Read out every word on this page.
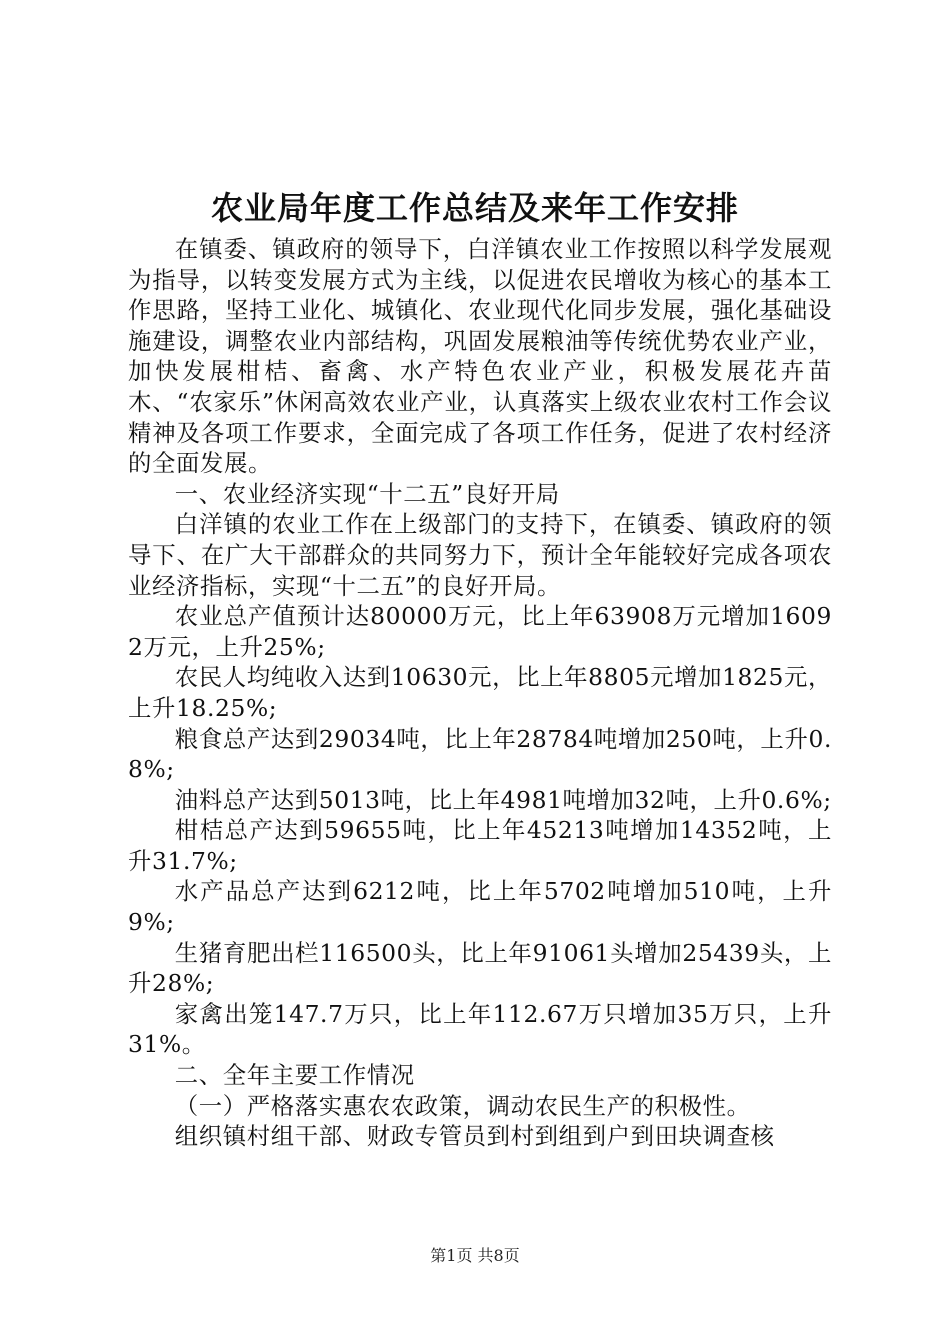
农业局年度工作总结及来年工作安排

在镇委、镇政府的领导下，白洋镇农业工作按照以科学发展观为指导，以转变发展方式为主线，以促进农民增收为核心的基本工作思路，坚持工业化、城镇化、农业现代化同步发展，强化基础设施建设，调整农业内部结构，巩固发展粮油等传统优势农业产业，加快发展柑桔、畜禽、水产特色农业产业，积极发展花卉苗木、“农家乐”休闲高效农业产业，认真落实上级农业农村工作会议精神及各项工作要求，全面完成了各项工作任务，促进了农村经济的全面发展。

一、农业经济实现“十二五”良好开局

白洋镇的农业工作在上级部门的支持下，在镇委、镇政府的领导下、在广大干部群众的共同努力下，预计全年能较好完成各项农业经济指标，实现“十二五”的良好开局。

农业总产值预计达80000万元，比上年63908万元增加16092万元，上升25%;

农民人均纯收入达到10630元，比上年8805元增加1825元，上升18.25%;

粮食总产达到29034吨，比上年28784吨增加250吨，上升0.8%;

油料总产达到5013吨，比上年4981吨增加32吨，上升0.6%;

柑桔总产达到59655吨，比上年45213吨增加14352吨，上升31.7%;

水产品总产达到6212吨，比上年5702吨增加510吨，上升9%;

生猪育肥出栏116500头，比上年91061头增加25439头，上升28%;

家禽出笼147.7万只，比上年112.67万只增加35万只，上升31%。

二、全年主要工作情况

（一）严格落实惠农农政策，调动农民生产的积极性。

组织镇村组干部、财政专管员到村到组到户到田块调查核

第1页 共8页
